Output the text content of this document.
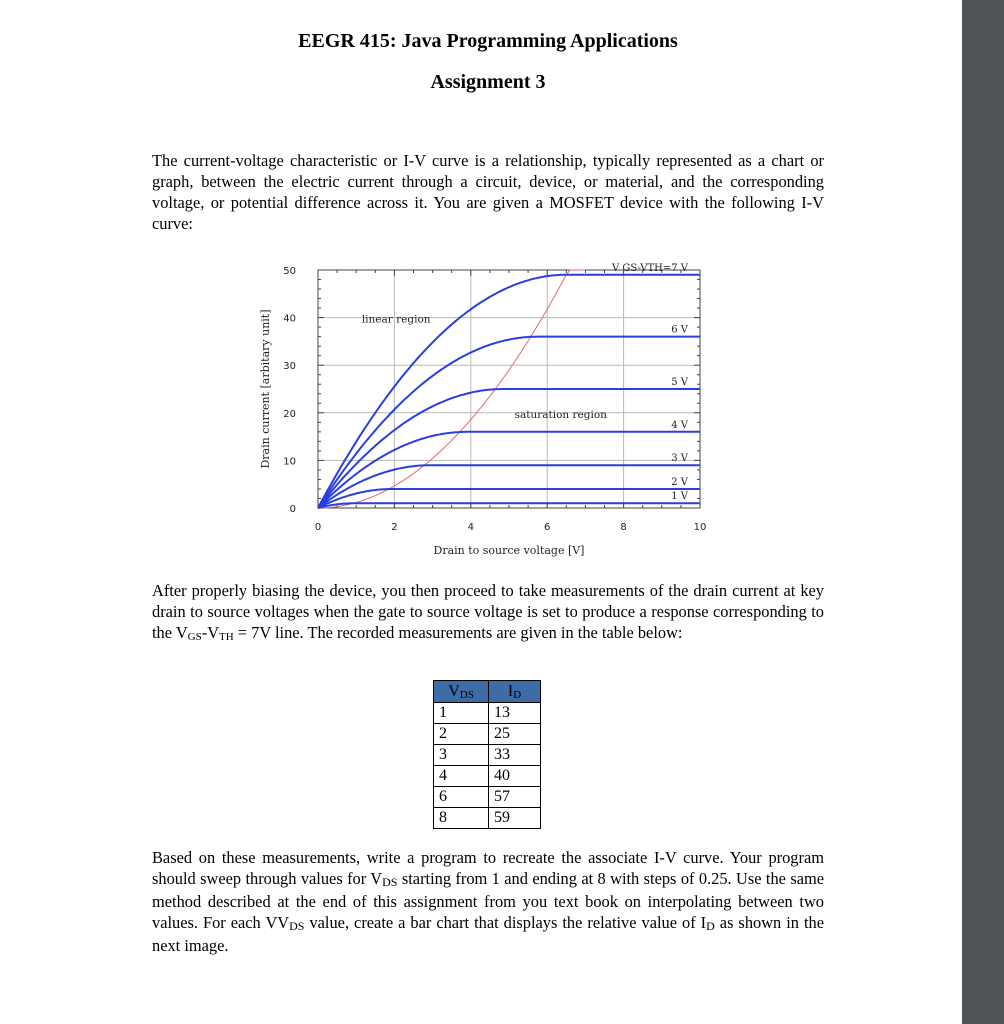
EEGR 415: Java Programming Applications
Assignment 3

The current-voltage characteristic or I-V curve is a relationship, typically represented as a chart or graph, between the electric current through a circuit, device, or material, and the corresponding voltage, or potential difference across it. You are given a MOSFET device with the following I-V curve:

0	2	4	6	8	10
0
10
20
30
40
50
Drain to source voltage [V]
Drain current [arbitary unit]
V GS-VTH=7 V
6 V
5 V
4 V
3 V
2 V
1 V
linear region
saturation region

After properly biasing the device, you then proceed to take measurements of the drain current at key drain to source voltages when the gate to source voltage is set to produce a response corresponding to the $V_{GS}-V_{TH} = 7V$ line. The recorded measurements are given in the table below:

VDS	ID
1	13
2	25
3	33
4	40
6	57
8	59

Based on these measurements, write a program to recreate the associate I-V curve. Your program should sweep through values for $V_{DS}$ starting from 1 and ending at 8 with steps of 0.25. Use the same method described at the end of this assignment from you text book on interpolating between two values. For each $VV_{DS}$ value, create a bar chart that displays the relative value of $I_D$ as shown in the next image.
